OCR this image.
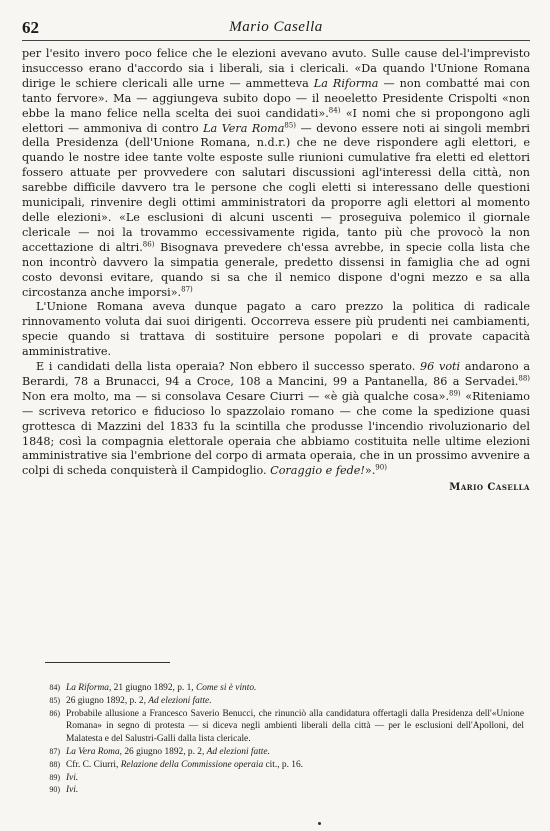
62	Mario Casella

per l'esito invero poco felice che le elezioni avevano avuto. Sulle cause del-l'imprevisto insuccesso erano d'accordo sia i liberali, sia i clericali. «Da quando l'Unione Romana dirige le schiere clericali alle urne — ammetteva La Riforma — non combatté mai con tanto fervore». Ma — aggiungeva subito dopo — il neoeletto Presidente Crispolti «non ebbe la mano felice nella scelta dei suoi candidati».$^{84)}$ «I nomi che si propongono agli elettori — ammoniva di contro La Vera Roma$^{85)}$ — devono essere noti ai singoli membri della Presidenza (dell'Unione Romana, n.d.r.) che ne deve rispondere agli elettori, e quando le nostre idee tante volte esposte sulle riunioni cumulative fra eletti ed elettori fossero attuate per provvedere con salutari discussioni agl'interessi della città, non sarebbe difficile davvero tra le persone che cogli eletti si interessano delle questioni municipali, rinvenire degli ottimi amministratori da proporre agli elettori al momento delle elezioni». «Le esclusioni di alcuni uscenti — proseguiva polemico il giornale clericale — noi la trovammo eccessivamente rigida, tanto più che provocò la non accettazione di altri.$^{86)}$ Bisognava prevedere ch'essa avrebbe, in specie colla lista che non incontrò davvero la simpatia generale, predetto dissensi in famiglia che ad ogni costo devonsi evitare, quando si sa che il nemico dispone d'ogni mezzo e sa alla circostanza anche imporsi».$^{87)}$

L'Unione Romana aveva dunque pagato a caro prezzo la politica di radicale rinnovamento voluta dai suoi dirigenti. Occorreva essere più prudenti nei cambiamenti, specie quando si trattava di sostituire persone popolari e di provate capacità amministrative.

E i candidati della lista operaia? Non ebbero il successo sperato. 96 voti andarono a Berardi, 78 a Brunacci, 94 a Croce, 108 a Mancini, 99 a Pantanella, 86 a Servadei.$^{88)}$ Non era molto, ma — si consolava Cesare Ciurri — «è già qualche cosa».$^{89)}$ «Riteniamo — scriveva retorico e fiducioso lo spazzolaio romano — che come la spedizione quasi grottesca di Mazzini del 1833 fu la scintilla che produsse l'incendio rivoluzionario del 1848; così la compagnia elettorale operaia che abbiamo costituita nelle ultime elezioni amministrative sia l'embrione del corpo di armata operaia, che in un prossimo avvenire a colpi di scheda conquisterà il Campidoglio. Coraggio e fede!».$^{90)}$

Mario Casella
84) La Riforma, 21 giugno 1892, p. 1, Come si è vinto.
85) 26 giugno 1892, p. 2, Ad elezioni fatte.
86) Probabile allusione a Francesco Saverio Benucci, che rinunciò alla candidatura offertagli dalla Presidenza dell'«Unione Romana» in segno di protesta — si diceva negli ambienti liberali della città — per le esclusioni dell'Apolloni, del Malatesta e del Salustri-Galli dalla lista clericale.
87) La Vera Roma, 26 giugno 1892, p. 2, Ad elezioni fatte.
88) Cfr. C. Ciurri, Relazione della Commissione operaia cit., p. 16.
89) Ivi.
90) Ivi.
